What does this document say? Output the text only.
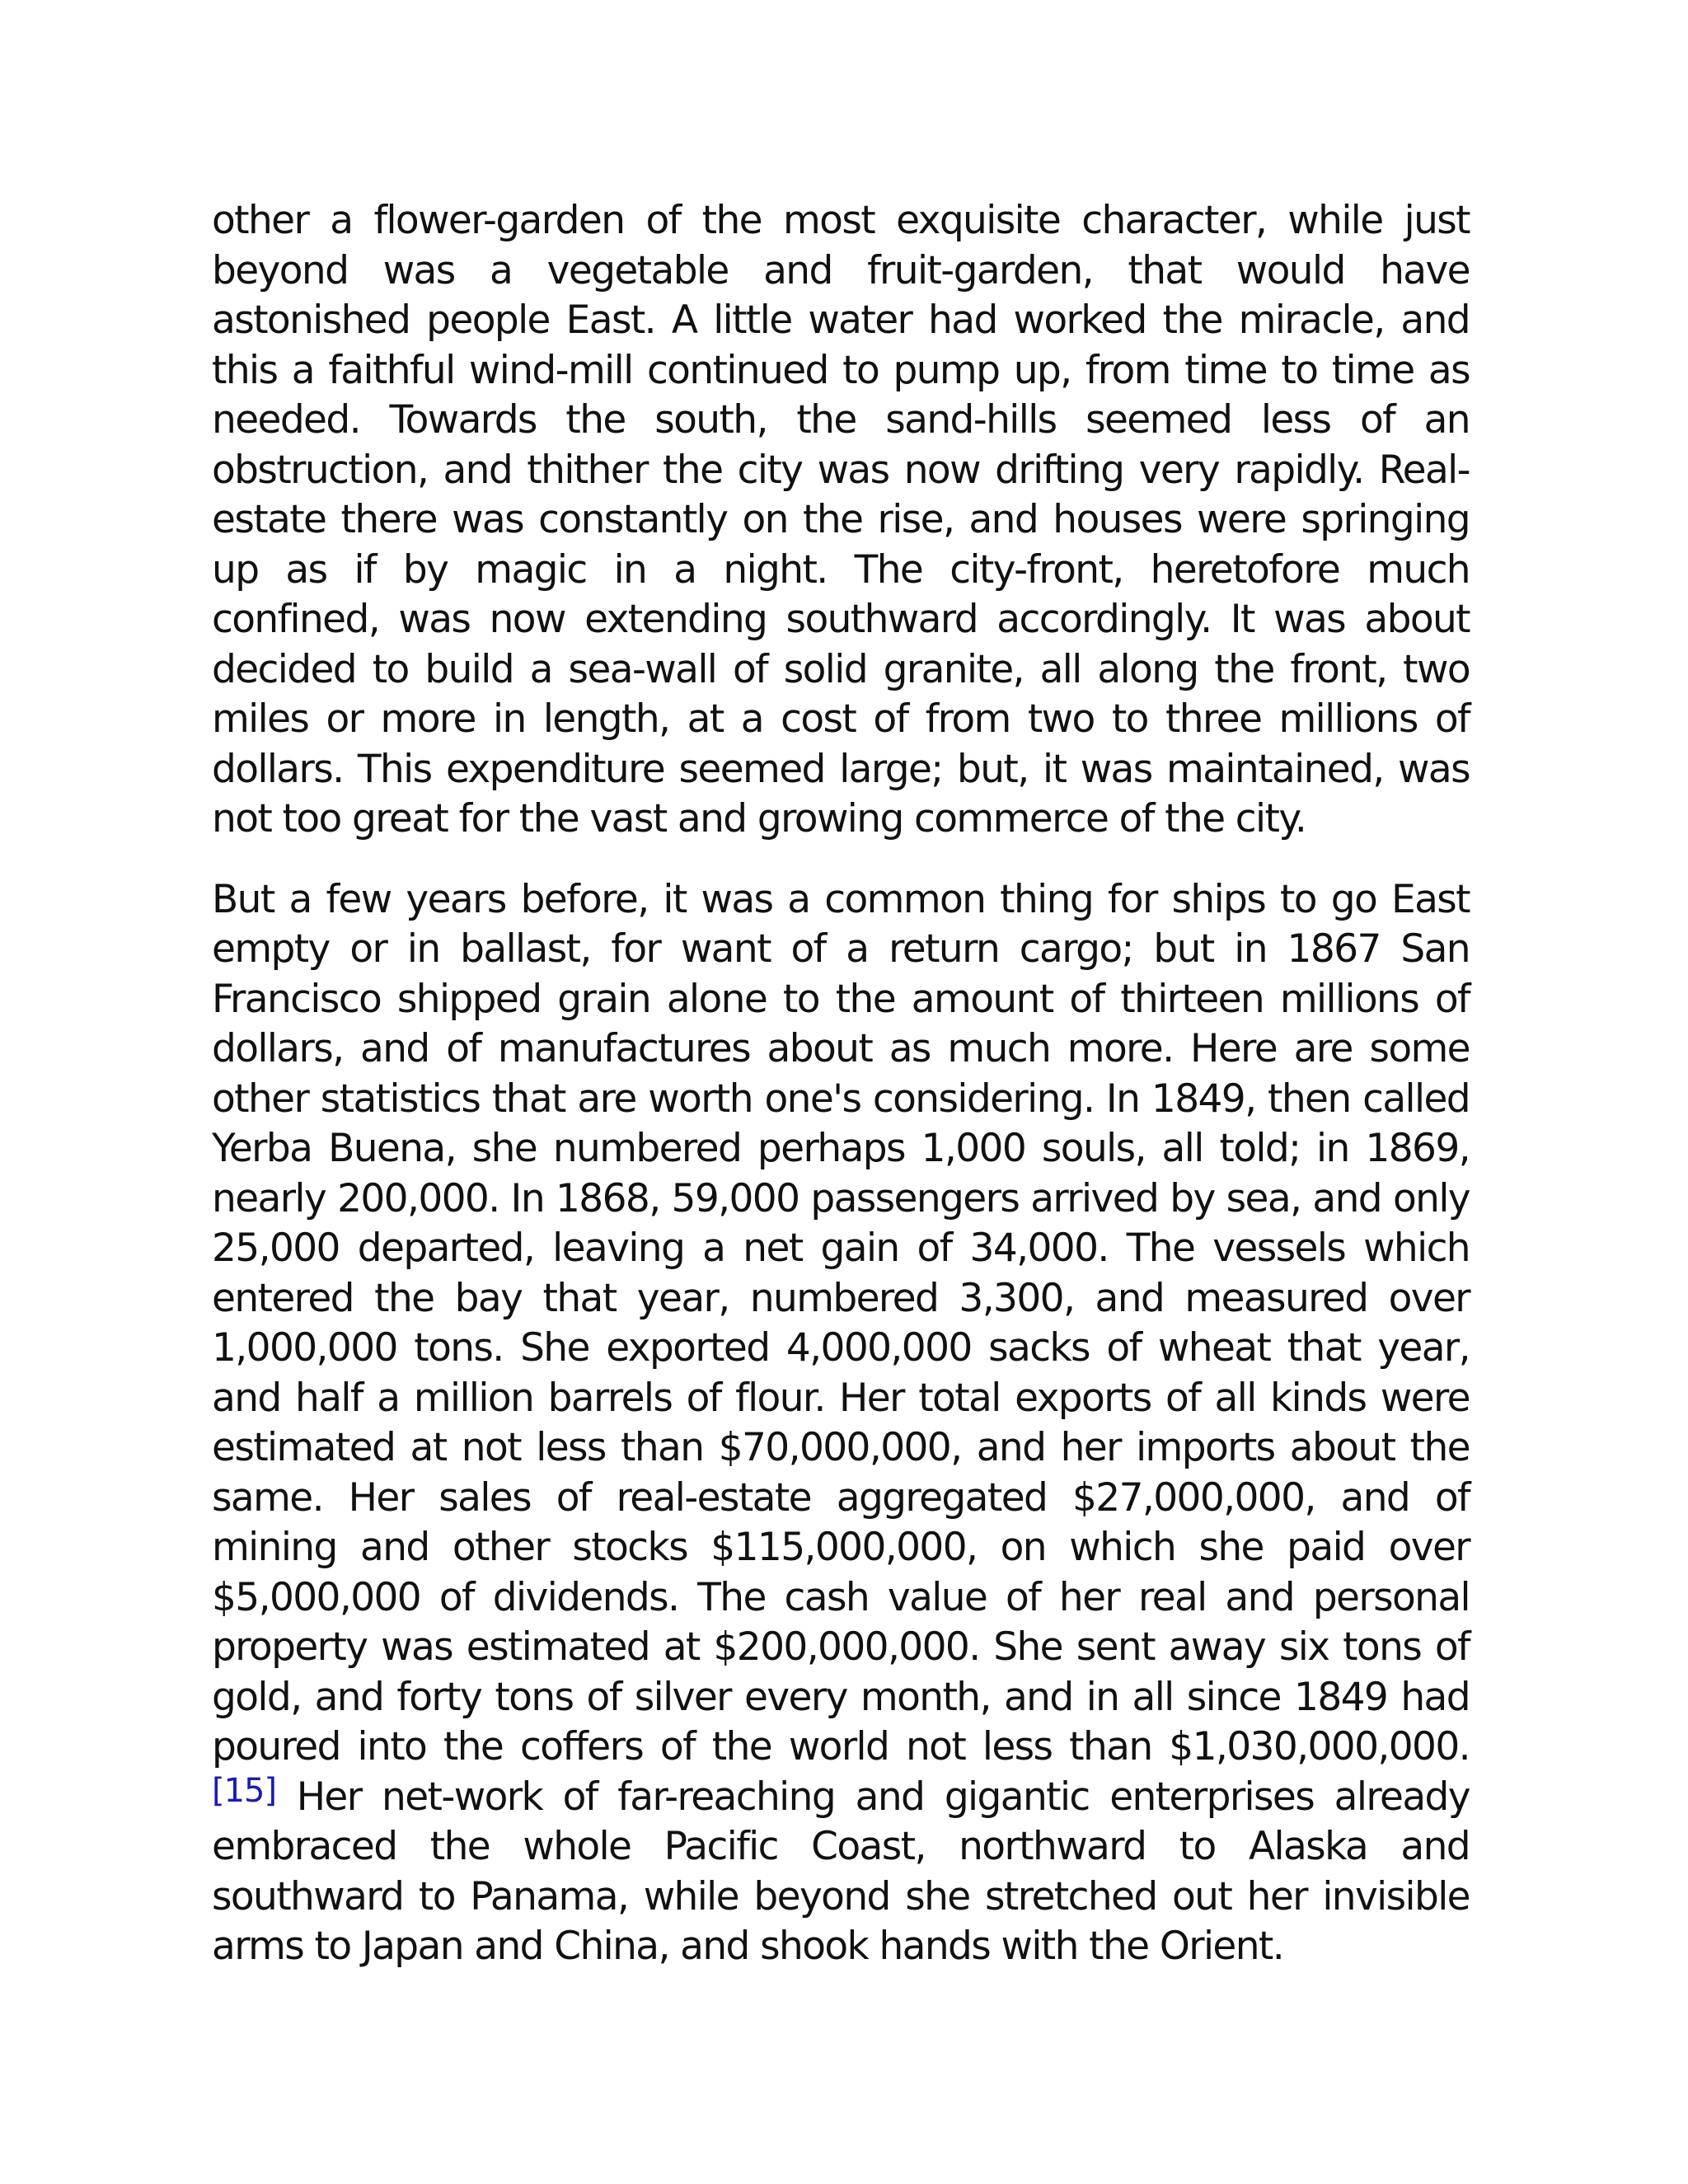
other a flower-garden of the most exquisite character, while just beyond was a vegetable and fruit-garden, that would have astonished people East. A little water had worked the miracle, and this a faithful wind-mill continued to pump up, from time to time as needed. Towards the south, the sand-hills seemed less of an obstruction, and thither the city was now drifting very rapidly. Real-estate there was constantly on the rise, and houses were springing up as if by magic in a night. The city-front, heretofore much confined, was now extending southward accordingly. It was about decided to build a sea-wall of solid granite, all along the front, two miles or more in length, at a cost of from two to three millions of dollars. This expenditure seemed large; but, it was maintained, was not too great for the vast and growing commerce of the city.

But a few years before, it was a common thing for ships to go East empty or in ballast, for want of a return cargo; but in 1867 San Francisco shipped grain alone to the amount of thirteen millions of dollars, and of manufactures about as much more. Here are some other statistics that are worth one's considering. In 1849, then called Yerba Buena, she numbered perhaps 1,000 souls, all told; in 1869, nearly 200,000. In 1868, 59,000 passengers arrived by sea, and only 25,000 departed, leaving a net gain of 34,000. The vessels which entered the bay that year, numbered 3,300, and measured over 1,000,000 tons. She exported 4,000,000 sacks of wheat that year, and half a million barrels of flour. Her total exports of all kinds were estimated at not less than $70,000,000, and her imports about the same. Her sales of real-estate aggregated $27,000,000, and of mining and other stocks $115,000,000, on which she paid over $5,000,000 of dividends. The cash value of her real and personal property was estimated at $200,000,000. She sent away six tons of gold, and forty tons of silver every month, and in all since 1849 had poured into the coffers of the world not less than $1,030,000,000. [15] Her net-work of far-reaching and gigantic enterprises already embraced the whole Pacific Coast, northward to Alaska and southward to Panama, while beyond she stretched out her invisible arms to Japan and China, and shook hands with the Orient.
